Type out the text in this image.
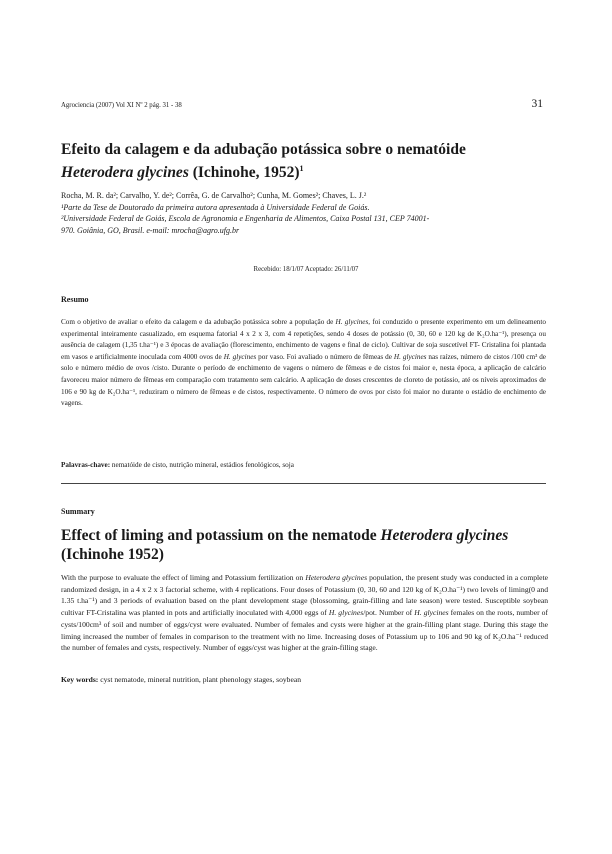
Agrociencia (2007) Vol XI Nº 2 pág. 31 - 38	31
Efeito da calagem e da adubação potássica sobre o nematóide
Heterodera glycines (Ichinohe, 1952)$^1$
Rocha, M. R. da²; Carvalho, Y. de²; Corrêa, G. de Carvalho²; Cunha, M. Gomes²; Chaves, L. J.²
¹Parte da Tese de Doutorado da primeira autora apresentada à Universidade Federal de Goiás.
²Universidade Federal de Goiás, Escola de Agronomia e Engenharia de Alimentos, Caixa Postal 131, CEP 74001-
970. Goiânia, GO, Brasil. e-mail: mrocha@agro.ufg.br
Recebido: 18/1/07 Aceptado: 26/11/07
Resumo
Com o objetivo de avaliar o efeito da calagem e da adubação potássica sobre a população de H. glycines, foi conduzido o presente experimento em um delineamento experimental inteiramente casualizado, em esquema fatorial 4 x 2 x 3, com 4 repetições, sendo 4 doses de potássio (0, 30, 60 e 120 kg de K₂O.ha⁻¹), presença ou ausência de calagem (1,35 t.ha⁻¹) e 3 épocas de avaliação (florescimento, enchimento de vagens e final de ciclo). Cultivar de soja suscetível FT- Cristalina foi plantada em vasos e artificialmente inoculada com 4000 ovos de H. glycines por vaso. Foi avaliado o número de fêmeas de H. glycines nas raízes, número de cistos /100 cm³ de solo e número médio de ovos /cisto. Durante o período de enchimento de vagens o número de fêmeas e de cistos foi maior e, nesta época, a aplicação de calcário favoreceu maior número de fêmeas em comparação com tratamento sem calcário. A aplicação de doses crescentes de cloreto de potássio, até os níveis aproximados de 106 e 90 kg de K₂O.ha⁻¹, reduziram o número de fêmeas e de cistos, respectivamente. O número de ovos por cisto foi maior no durante o estádio de enchimento de vagens.
Palavras-chave: nematóide de cisto, nutrição mineral, estádios fenológicos, soja
Summary
Effect of liming and potassium on the nematode Heterodera glycines
(Ichinohe 1952)
With the purpose to evaluate the effect of liming and Potassium fertilization on Heterodera glycines population, the present study was conducted in a complete randomized design, in a 4 x 2 x 3 factorial scheme, with 4 replications. Four doses of Potassium (0, 30, 60 and 120 kg of K₂O.ha⁻¹) two levels of liming(0 and 1.35 t.ha⁻¹) and 3 periods of evaluation based on the plant development stage (blossoming, grain-filling and late season) were tested. Susceptible soybean cultivar FT-Cristalina was planted in pots and artificially inoculated with 4,000 eggs of H. glycines/pot. Number of H. glycines females on the roots, number of cysts/100cm³ of soil and number of eggs/cyst were evaluated. Number of females and cysts were higher at the grain-filling plant stage. During this stage the liming increased the number of females in comparison to the treatment with no lime. Increasing doses of Potassium up to 106 and 90 kg of K₂O.ha⁻¹ reduced the number of females and cysts, respectively. Number of eggs/cyst was higher at the grain-filling stage.
Key words: cyst nematode, mineral nutrition, plant phenology stages, soybean
